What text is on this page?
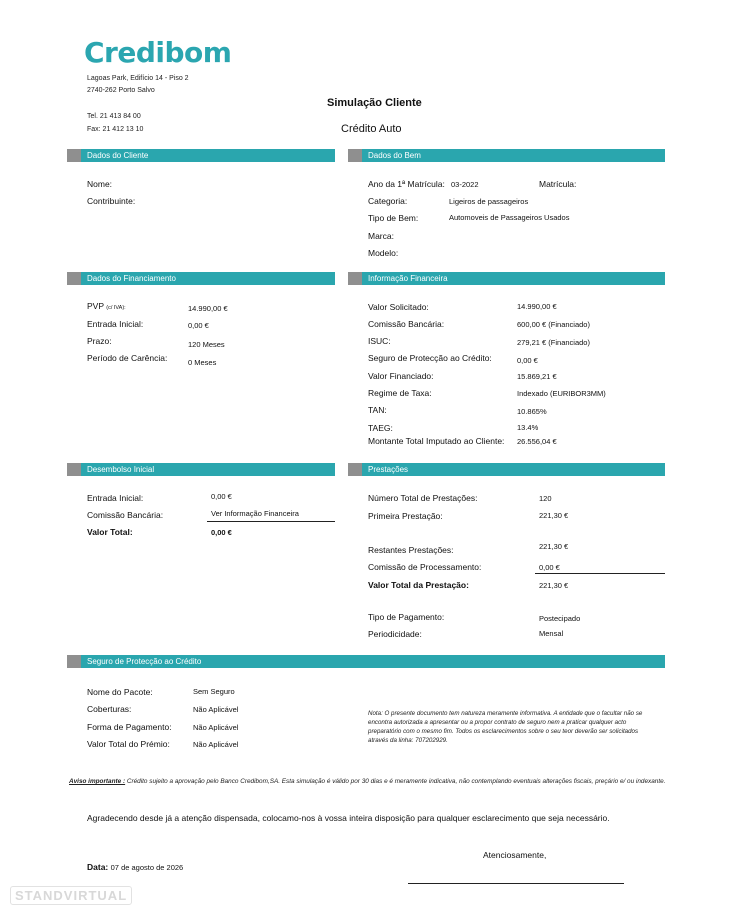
Credibom
Lagoas Park, Edifício 14 - Piso 2
2740-262 Porto Salvo
Tel. 21 413 84 00
Fax: 21 412 13 10
Simulação Cliente
Crédito Auto
Dados do Cliente	Dados do Bem
Dados do Financiamento	Informação Financeira
Desembolso Inicial	Prestações
Seguro de Protecção ao Crédito
Nome:
Contribuinte:
Ano da 1ª Matrícula: 03-2022	Matrícula:
Categoria:	Ligeiros de passageiros
Tipo de Bem:	Automoveis de Passageiros Usados
Marca:
Modelo:
PVP (c/ IVA):	14.990,00 €
Entrada Inicial:	0,00 €
Prazo:	120 Meses
Período de Carência:	0 Meses
Valor Solicitado:	14.990,00 €
Comissão Bancária:	600,00 € (Financiado)
ISUC:	279,21 € (Financiado)
Seguro de Protecção ao Crédito:	0,00 €
Valor Financiado:	15.869,21 €
Regime de Taxa:	Indexado (EURIBOR3MM)
TAN:	10.865%
TAEG:	13.4%
Montante Total Imputado ao Cliente: 26.556,04 €
Entrada Inicial:	0,00 €
Comissão Bancária:	Ver Informação Financeira
Valor Total:	0,00 €
Número Total de Prestações:	120
Primeira Prestação:	221,30 €
Restantes Prestações:	221,30 €
Comissão de Processamento:	0,00 €
Valor Total da Prestação:	221,30 €
Tipo de Pagamento:	Postecipado
Periodicidade:	Mensal
Nome do Pacote:	Sem Seguro
Coberturas:	Não Aplicável
Forma de Pagamento:	Não Aplicável
Valor Total do Prémio:	Não Aplicável
Nota: O presente documento tem natureza meramente informativa. A entidade que o facultar não se encontra autorizada a apresentar ou a propor contrato de seguro nem a praticar qualquer acto preparatório com o mesmo fim. Todos os esclarecimentos sobre o seu teor deverão ser solicitados através da linha: 707202929.
Aviso importante : Crédito sujeito a aprovação pelo Banco Credibom,SA. Esta simulação é válido por 30 dias e é meramente indicativa, não contemplando eventuais alterações fiscais, preçário e/ ou indexante.
Agradecendo desde já a atenção dispensada, colocamo-nos à vossa inteira disposição para qualquer esclarecimento que seja necessário.
Data: 07 de agosto de 2026
Atenciosamente,
STANDVIRTUAL
